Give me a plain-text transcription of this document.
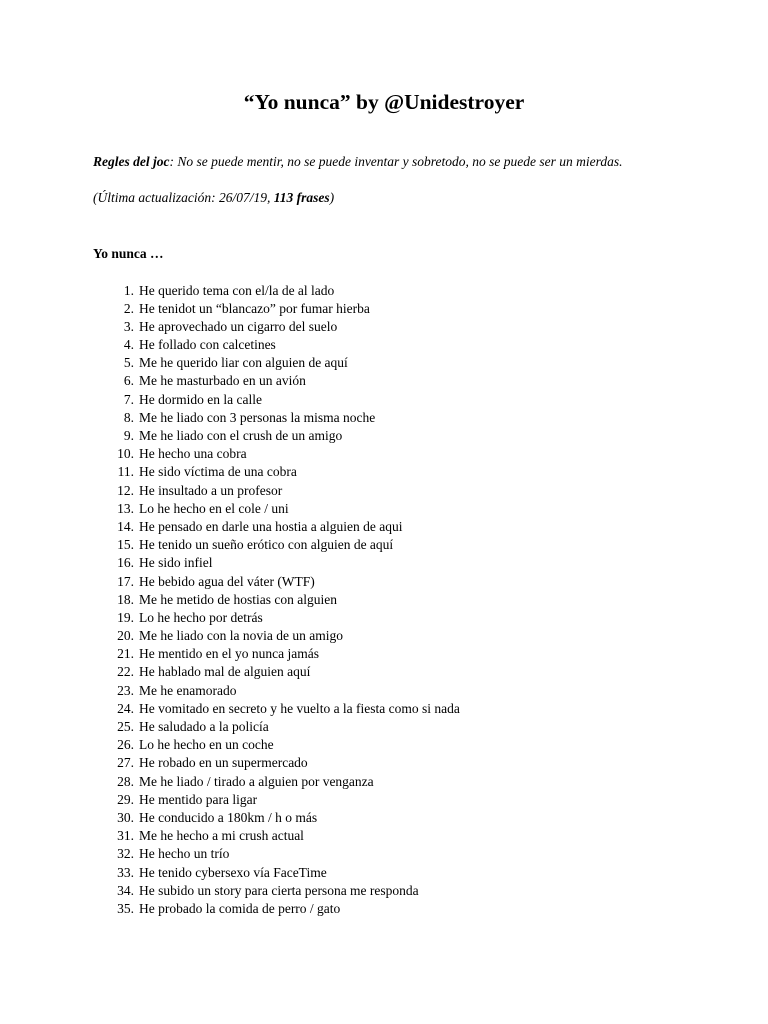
“Yo nunca” by @Unidestroyer

Regles del joc: No se puede mentir, no se puede inventar y sobretodo, no se puede ser un mierdas.

(Última actualización: 26/07/19, 113 frases)

Yo nunca …

1. He querido tema con el/la de al lado
2. He tenidot un “blancazo” por fumar hierba
3. He aprovechado un cigarro del suelo
4. He follado con calcetines
5. Me he querido liar con alguien de aquí
6. Me he masturbado en un avión
7. He dormido en la calle
8. Me he liado con 3 personas la misma noche
9. Me he liado con el crush de un amigo
10. He hecho una cobra
11. He sido víctima de una cobra
12. He insultado a un profesor
13. Lo he hecho en el cole / uni
14. He pensado en darle una hostia a alguien de aqui
15. He tenido un sueño erótico con alguien de aquí
16. He sido infiel
17. He bebido agua del váter (WTF)
18. Me he metido de hostias con alguien
19. Lo he hecho por detrás
20. Me he liado con la novia de un amigo
21. He mentido en el yo nunca jamás
22. He hablado mal de alguien aquí
23. Me he enamorado
24. He vomitado en secreto y he vuelto a la fiesta como si nada
25. He saludado a la policía
26. Lo he hecho en un coche
27. He robado en un supermercado
28. Me he liado / tirado a alguien por venganza
29. He mentido para ligar
30. He conducido a 180km / h o más
31. Me he hecho a mi crush actual
32. He hecho un trío
33. He tenido cybersexo vía FaceTime
34. He subido un story para cierta persona me responda
35. He probado la comida de perro / gato
